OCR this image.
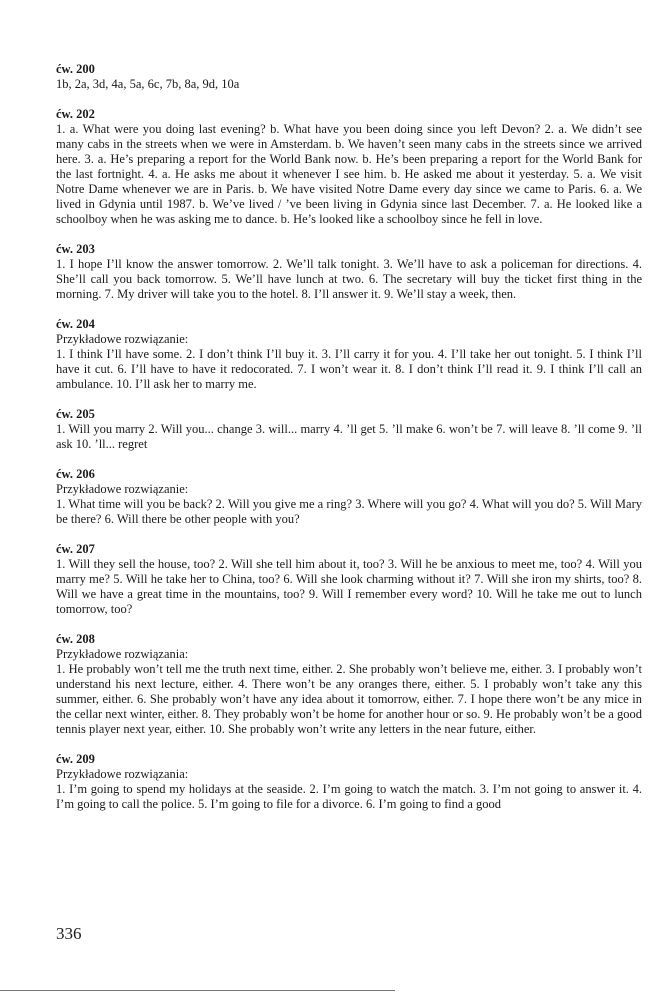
ćw. 200

1b, 2a, 3d, 4a, 5a, 6c, 7b, 8a, 9d, 10a

ćw. 202

1. a. What were you doing last evening? b. What have you been doing since you left Devon? 2. a. We didn’t see many cabs in the streets when we were in Amsterdam. b. We haven’t seen many cabs in the streets since we arrived here. 3. a. He’s preparing a report for the World Bank now. b. He’s been preparing a report for the World Bank for the last fortnight. 4. a. He asks me about it whenever I see him. b. He asked me about it yesterday. 5. a. We visit Notre Dame whenever we are in Paris. b. We have visited Notre Dame every day since we came to Paris. 6. a. We lived in Gdynia until 1987. b. We’ve lived / ’ve been living in Gdynia since last December. 7. a. He looked like a schoolboy when he was asking me to dance. b. He’s looked like a schoolboy since he fell in love.

ćw. 203

1. I hope I’ll know the answer tomorrow. 2. We’ll talk tonight. 3. We’ll have to ask a policeman for directions. 4. She’ll call you back tomorrow. 5. We’ll have lunch at two. 6. The secretary will buy the ticket first thing in the morning. 7. My driver will take you to the hotel. 8. I’ll answer it. 9. We’ll stay a week, then.

ćw. 204

Przykładowe rozwiązanie:

1. I think I’ll have some. 2. I don’t think I’ll buy it. 3. I’ll carry it for you. 4. I’ll take her out tonight. 5. I think I’ll have it cut. 6. I’ll have to have it redocorated. 7. I won’t wear it. 8. I don’t think I’ll read it. 9. I think I’ll call an ambulance. 10. I’ll ask her to marry me.

ćw. 205

1. Will you marry 2. Will you... change 3. will... marry 4. ’ll get 5. ’ll make 6. won’t be 7. will leave 8. ’ll come 9. ’ll ask 10. ’ll... regret

ćw. 206

Przykładowe rozwiązanie:

1. What time will you be back? 2. Will you give me a ring? 3. Where will you go? 4. What will you do? 5. Will Mary be there? 6. Will there be other people with you?

ćw. 207

1. Will they sell the house, too? 2. Will she tell him about it, too? 3. Will he be anxious to meet me, too? 4. Will you marry me? 5. Will he take her to China, too? 6. Will she look charming without it? 7. Will she iron my shirts, too? 8. Will we have a great time in the mountains, too? 9. Will I remember every word? 10. Will he take me out to lunch tomorrow, too?

ćw. 208

Przykładowe rozwiązania:

1. He probably won’t tell me the truth next time, either. 2. She probably won’t believe me, either. 3. I probably won’t understand his next lecture, either. 4. There won’t be any oranges there, either. 5. I probably won’t take any this summer, either. 6. She probably won’t have any idea about it tomorrow, either. 7. I hope there won’t be any mice in the cellar next winter, either. 8. They probably won’t be home for another hour or so. 9. He probably won’t be a good tennis player next year, either. 10. She probably won’t write any letters in the near future, either.

ćw. 209

Przykładowe rozwiązania:

1. I’m going to spend my holidays at the seaside. 2. I’m going to watch the match. 3. I’m not going to answer it. 4. I’m going to call the police. 5. I’m going to file for a divorce. 6. I’m going to find a good

336
